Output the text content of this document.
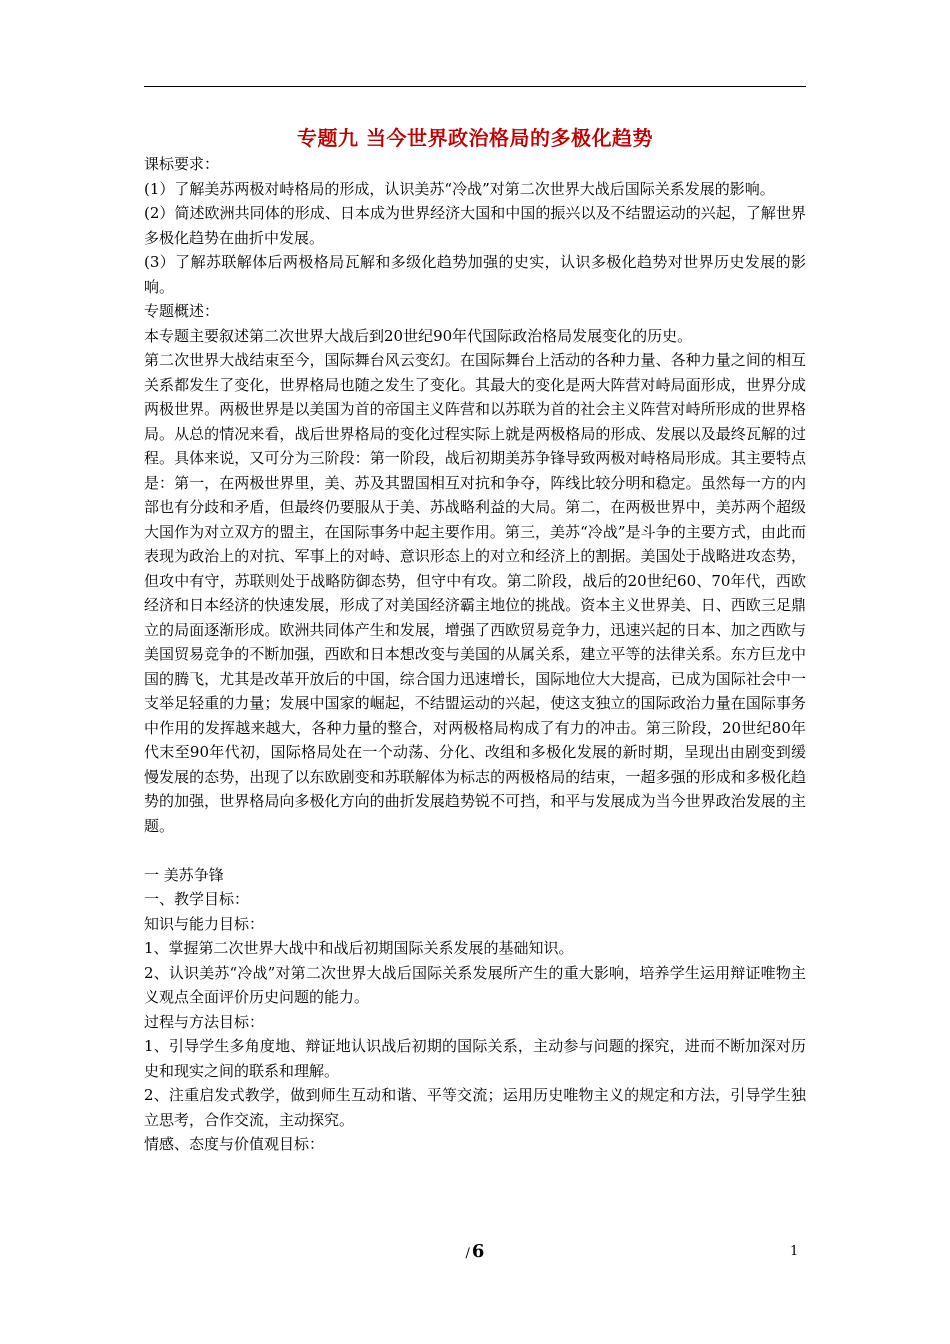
专题九 当今世界政治格局的多极化趋势

课标要求：

(1）了解美苏两极对峙格局的形成，认识美苏“冷战”对第二次世界大战后国际关系发展的影响。

(2）简述欧洲共同体的形成、日本成为世界经济大国和中国的振兴以及不结盟运动的兴起，了解世界多极化趋势在曲折中发展。

(3）了解苏联解体后两极格局瓦解和多级化趋势加强的史实，认识多极化趋势对世界历史发展的影响。

专题概述：

本专题主要叙述第二次世界大战后到20世纪90年代国际政治格局发展变化的历史。

第二次世界大战结束至今，国际舞台风云变幻。在国际舞台上活动的各种力量、各种力量之间的相互关系都发生了变化，世界格局也随之发生了变化。其最大的变化是两大阵营对峙局面形成，世界分成两极世界。两极世界是以美国为首的帝国主义阵营和以苏联为首的社会主义阵营对峙所形成的世界格局。从总的情况来看，战后世界格局的变化过程实际上就是两极格局的形成、发展以及最终瓦解的过程。具体来说，又可分为三阶段：第一阶段，战后初期美苏争锋导致两极对峙格局形成。其主要特点是：第一，在两极世界里，美、苏及其盟国相互对抗和争夺，阵线比较分明和稳定。虽然每一方的内部也有分歧和矛盾，但最终仍要服从于美、苏战略利益的大局。第二，在两极世界中，美苏两个超级大国作为对立双方的盟主，在国际事务中起主要作用。第三，美苏“冷战”是斗争的主要方式，由此而表现为政治上的对抗、军事上的对峙、意识形态上的对立和经济上的割据。美国处于战略进攻态势，但攻中有守，苏联则处于战略防御态势，但守中有攻。第二阶段，战后的20世纪60、70年代，西欧经济和日本经济的快速发展，形成了对美国经济霸主地位的挑战。资本主义世界美、日、西欧三足鼎立的局面逐渐形成。欧洲共同体产生和发展，增强了西欧贸易竞争力，迅速兴起的日本、加之西欧与美国贸易竞争的不断加强，西欧和日本想改变与美国的从属关系，建立平等的法律关系。东方巨龙中国的腾飞，尤其是改革开放后的中国，综合国力迅速增长，国际地位大大提高，已成为国际社会中一支举足轻重的力量；发展中国家的崛起，不结盟运动的兴起，使这支独立的国际政治力量在国际事务中作用的发挥越来越大，各种力量的整合，对两极格局构成了有力的冲击。第三阶段，20世纪80年代末至90年代初，国际格局处在一个动荡、分化、改组和多极化发展的新时期，呈现出由剧变到缓慢发展的态势，出现了以东欧剧变和苏联解体为标志的两极格局的结束，一超多强的形成和多极化趋势的加强，世界格局向多极化方向的曲折发展趋势锐不可挡，和平与发展成为当今世界政治发展的主题。

一 美苏争锋

一、教学目标：

知识与能力目标：

1、掌握第二次世界大战中和战后初期国际关系发展的基础知识。

2、认识美苏“冷战”对第二次世界大战后国际关系发展所产生的重大影响，培养学生运用辩证唯物主义观点全面评价历史问题的能力。

过程与方法目标：

1、引导学生多角度地、辩证地认识战后初期的国际关系，主动参与问题的探究，进而不断加深对历史和现实之间的联系和理解。

2、注重启发式教学，做到师生互动和谐、平等交流；运用历史唯物主义的规定和方法，引导学生独立思考，合作交流，主动探究。

情感、态度与价值观目标：

/ 6	1
